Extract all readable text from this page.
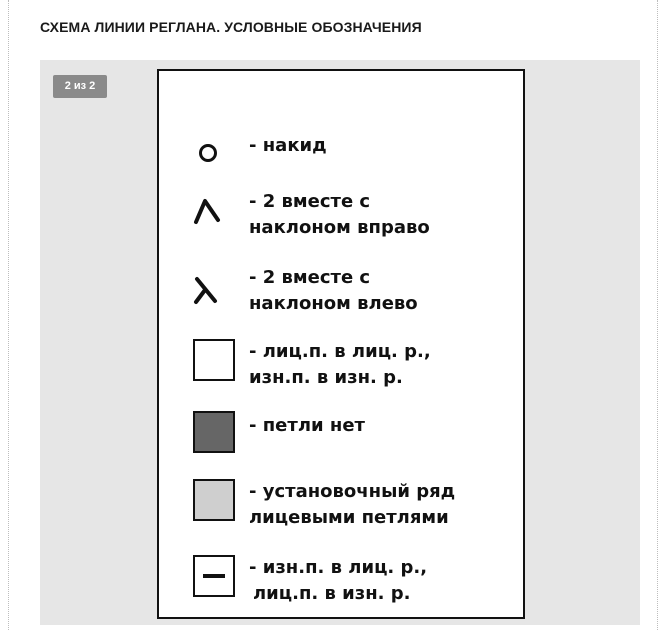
СХЕМА ЛИНИИ РЕГЛАНА. УСЛОВНЫЕ ОБОЗНАЧЕНИЯ
2 из 2
- накид
- 2 вместе с
наклоном вправо
- 2 вместе с
наклоном влево
- лиц.п. в лиц. р.,
изн.п. в изн. р.
- петли нет
- установочный ряд
лицевыми петлями
- изн.п. в лиц. р.,
лиц.п. в изн. р.
